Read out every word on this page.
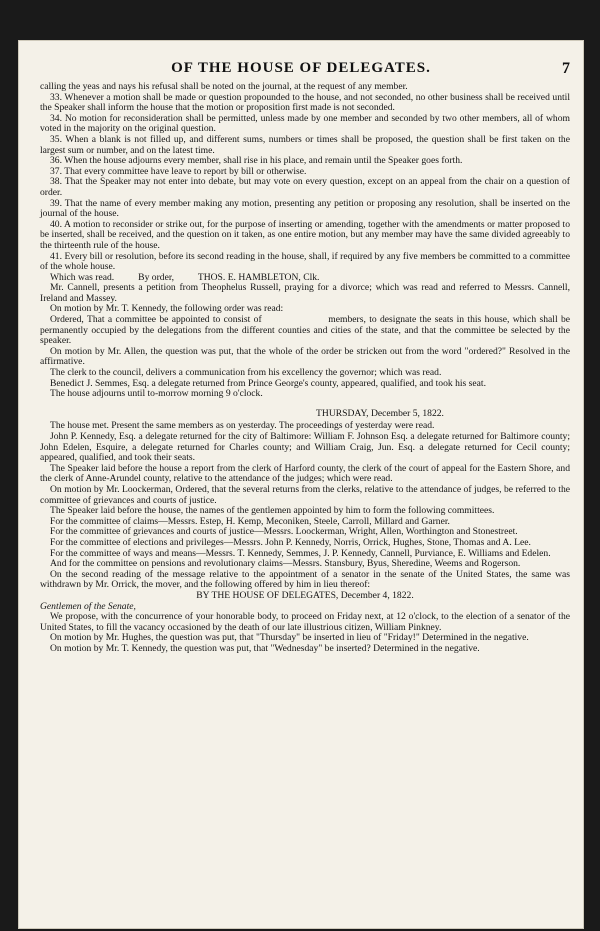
OF THE HOUSE OF DELEGATES.	7

calling the yeas and nays his refusal shall be noted on the journal, at the request of any member.

33. Whenever a motion shall be made or question propounded to the house, and not seconded, no other business shall be received until the Speaker shall inform the house that the motion or proposition first made is not seconded.

34. No motion for reconsideration shall be permitted, unless made by one member and seconded by two other members, all of whom voted in the majority on the original question.

35. When a blank is not filled up, and different sums, numbers or times shall be proposed, the question shall be first taken on the largest sum or number, and on the latest time.

36. When the house adjourns every member, shall rise in his place, and remain until the Speaker goes forth.

37. That every committee have leave to report by bill or otherwise.

38. That the Speaker may not enter into debate, but may vote on every question, except on an appeal from the chair on a question of order.

39. That the name of every member making any motion, presenting any petition or proposing any resolution, shall be inserted on the journal of the house.

40. A motion to reconsider or strike out, for the purpose of inserting or amending, together with the amendments or matter proposed to be inserted, shall be received, and the question on it taken, as one entire motion, but any member may have the same divided agreeably to the thirteenth rule of the house.

41. Every bill or resolution, before its second reading in the house, shall, if required by any five members be committed to a committee of the whole house.

Which was read.          By order,          THOS. E. HAMBLETON, Clk.

Mr. Cannell, presents a petition from Theophelus Russell, praying for a divorce; which was read and referred to Messrs. Cannell, Ireland and Massey.

On motion by Mr. T. Kennedy, the following order was read:

Ordered, That a committee be appointed to consist of                    members, to designate the seats in this house, which shall be permanently occupied by the delegations from the different counties and cities of the state, and that the committee be selected by the speaker.

On motion by Mr. Allen, the question was put, that the whole of the order be stricken out from the word "ordered?" Resolved in the affirmative.

The clerk to the council, delivers a communication from his excellency the governor; which was read.

Benedict J. Semmes, Esq. a delegate returned from Prince George's county, appeared, qualified, and took his seat.

The house adjourns until to-morrow morning 9 o'clock.

THURSDAY, December 5, 1822.

The house met. Present the same members as on yesterday. The proceedings of yesterday were read.

John P. Kennedy, Esq. a delegate returned for the city of Baltimore: William F. Johnson Esq. a delegate returned for Baltimore county; John Edelen, Esquire, a delegate returned for Charles county; and William Craig, Jun. Esq. a delegate returned for Cecil county; appeared, qualified, and took their seats.

The Speaker laid before the house a report from the clerk of Harford county, the clerk of the court of appeal for the Eastern Shore, and the clerk of Anne-Arundel county, relative to the attendance of the judges; which were read.

On motion by Mr. Loockerman, Ordered, that the several returns from the clerks, relative to the attendance of judges, be referred to the committee of grievances and courts of justice.

The Speaker laid before the house, the names of the gentlemen appointed by him to form the following committees.

For the committee of claims—Messrs. Estep, H. Kemp, Meconiken, Steele, Carroll, Millard and Garner.

For the committee of grievances and courts of justice—Messrs. Loockerman, Wright, Allen, Worthington and Stonestreet.

For the committee of elections and privileges—Messrs. John P. Kennedy, Norris, Orrick, Hughes, Stone, Thomas and A. Lee.

For the committee of ways and means—Messrs. T. Kennedy, Semmes, J. P. Kennedy, Cannell, Purviance, E. Williams and Edelen.

And for the committee on pensions and revolutionary claims—Messrs. Stansbury, Byus, Sheredine, Weems and Rogerson.

On the second reading of the message relative to the appointment of a senator in the senate of the United States, the same was withdrawn by Mr. Orrick, the mover, and the following offered by him in lieu thereof:

BY THE HOUSE OF DELEGATES, December 4, 1822.

Gentlemen of the Senate,

We propose, with the concurrence of your honorable body, to proceed on Friday next, at 12 o'clock, to the election of a senator of the United States, to fill the vacancy occasioned by the death of our late illustrious citizen, William Pinkney.

On motion by Mr. Hughes, the question was put, that "Thursday" be inserted in lieu of "Friday!" Determined in the negative.

On motion by Mr. T. Kennedy, the question was put, that "Wednesday" be inserted? Determined in the negative.
